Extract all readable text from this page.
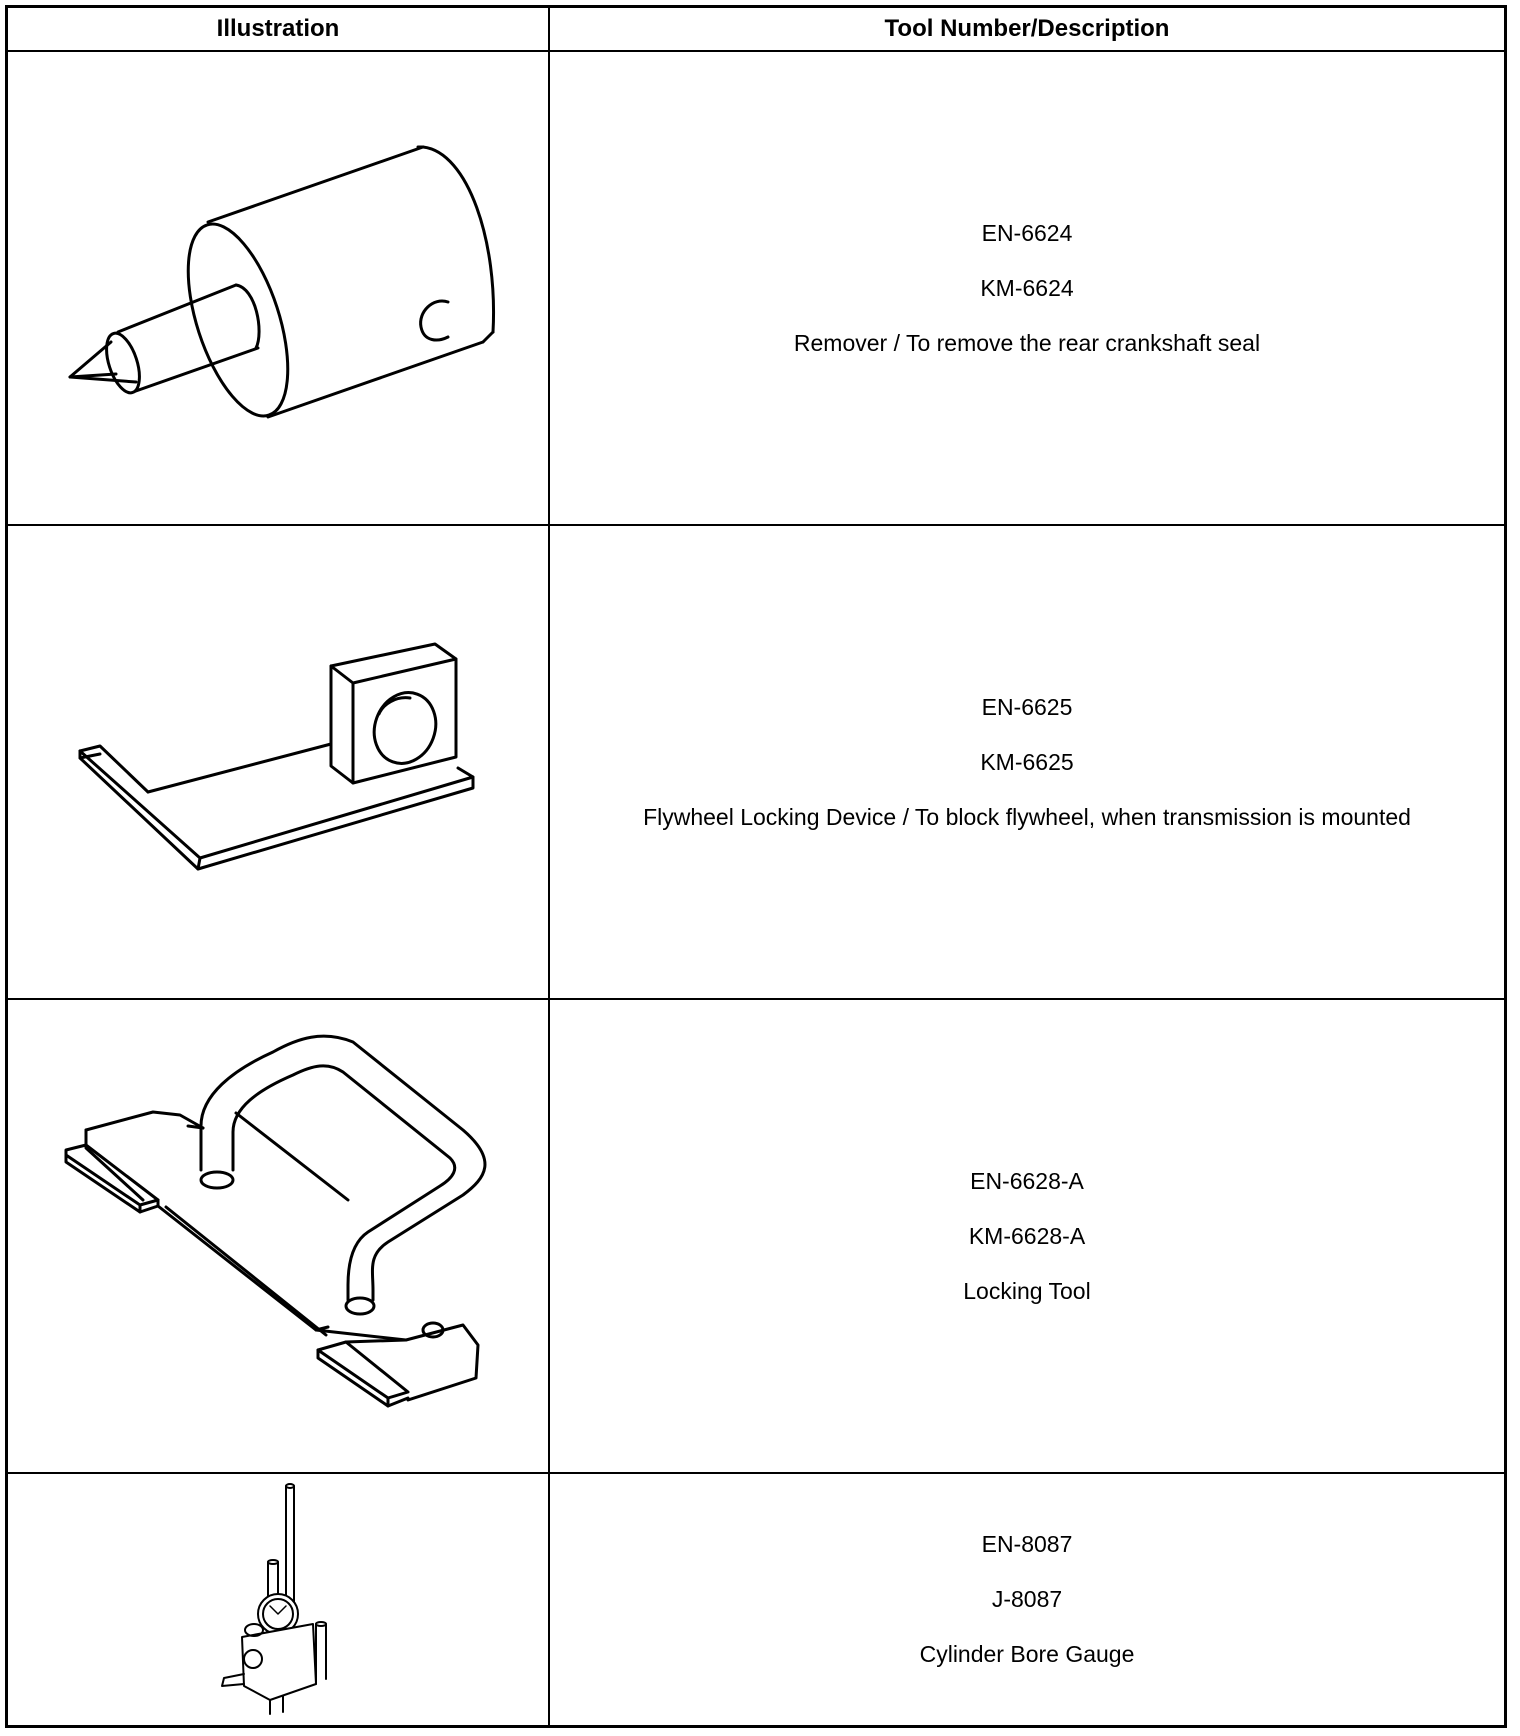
Illustration	Tool Number/Description
EN-6624
KM-6624
Remover / To remove the rear crankshaft seal
EN-6625
KM-6625
Flywheel Locking Device / To block flywheel, when transmission is mounted
EN-6628-A
KM-6628-A
Locking Tool
EN-8087
J-8087
Cylinder Bore Gauge
